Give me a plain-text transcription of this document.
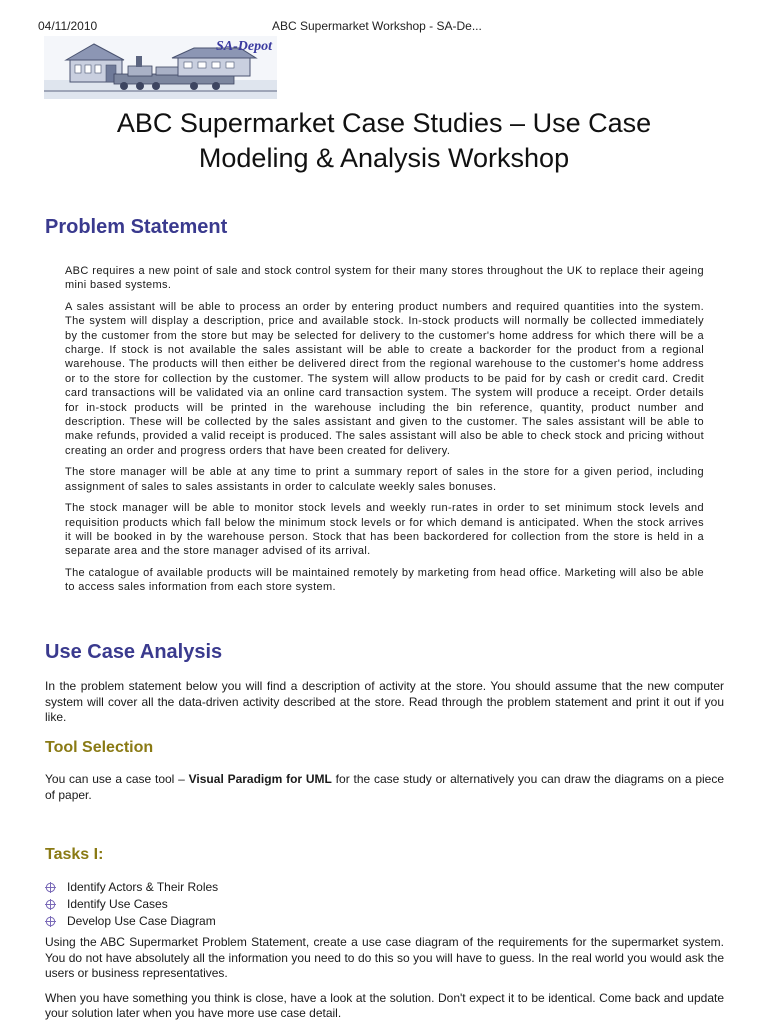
04/11/2010	ABC Supermarket Workshop - SA-De...
SA-Depot
ABC Supermarket Case Studies – Use Case
Modeling & Analysis Workshop
Problem Statement

ABC requires a new point of sale and stock control system for their many stores throughout the UK to replace their ageing mini based systems.

A sales assistant will be able to process an order by entering product numbers and required quantities into the system. The system will display a description, price and available stock. In-stock products will normally be collected immediately by the customer from the store but may be selected for delivery to the customer's home address for which there will be a charge. If stock is not available the sales assistant will be able to create a backorder for the product from a regional warehouse. The products will then either be delivered direct from the regional warehouse to the customer's home address or to the store for collection by the customer. The system will allow products to be paid for by cash or credit card. Credit card transactions will be validated via an online card transaction system. The system will produce a receipt. Order details for in-stock products will be printed in the warehouse including the bin reference, quantity, product number and description. These will be collected by the sales assistant and given to the customer. The sales assistant will be able to make refunds, provided a valid receipt is produced. The sales assistant will also be able to check stock and pricing without creating an order and progress orders that have been created for delivery.

The store manager will be able at any time to print a summary report of sales in the store for a given period, including assignment of sales to sales assistants in order to calculate weekly sales bonuses.

The stock manager will be able to monitor stock levels and weekly run-rates in order to set minimum stock levels and requisition products which fall below the minimum stock levels or for which demand is anticipated. When the stock arrives it will be booked in by the warehouse person. Stock that has been backordered for collection from the store is held in a separate area and the store manager advised of its arrival.

The catalogue of available products will be maintained remotely by marketing from head office. Marketing will also be able to access sales information from each store system.

Use Case Analysis

In the problem statement below you will find a description of activity at the store. You should assume that the new computer system will cover all the data-driven activity described at the store. Read through the problem statement and print it out if you like.

Tool Selection

You can use a case tool – Visual Paradigm for UML for the case study or alternatively you can draw the diagrams on a piece of paper.

Tasks I:
Identify Actors & Their Roles
Identify Use Cases
Develop Use Case Diagram

Using the ABC Supermarket Problem Statement, create a use case diagram of the requirements for the supermarket system. You do not have absolutely all the information you need to do this so you will have to guess. In the real world you would ask the users or business representatives.

When you have something you think is close, have a look at the solution. Don't expect it to be identical. Come back and update your solution later when you have more use case detail.
